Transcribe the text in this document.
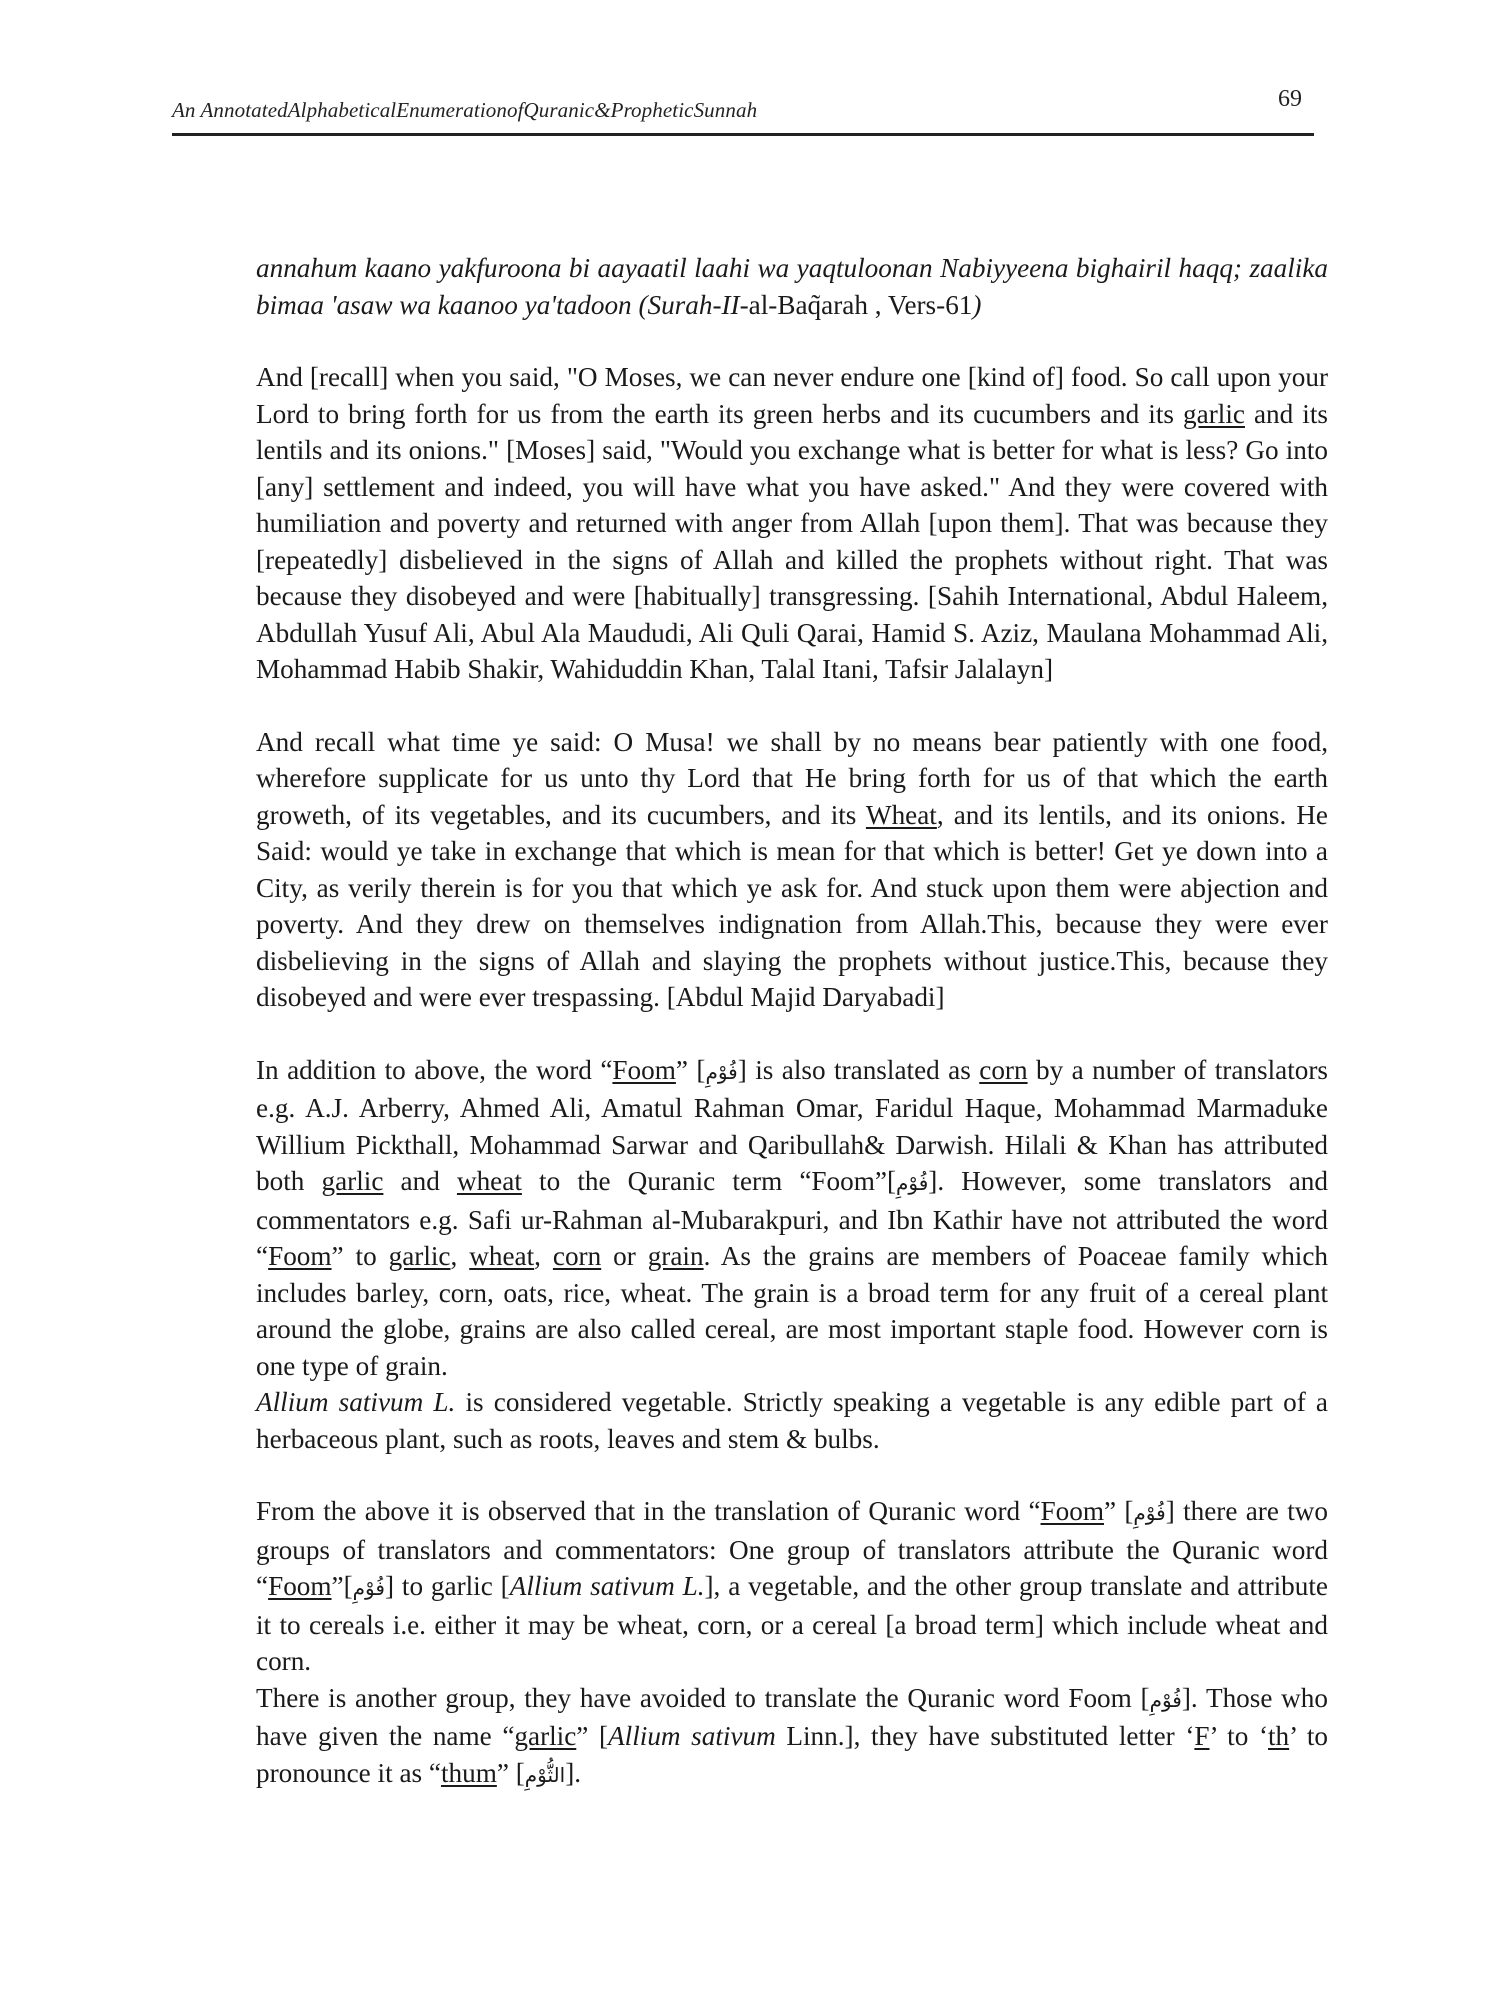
An AnnotatedAlphabeticalEnumerationofQuranic&PropheticSunnah	69

annahum kaano yakfuroona bi aayaatil laahi wa yaqtuloonan Nabiyyeena bighairil haqq; zaalika bimaa 'asaw wa kaanoo ya'tadoon (Surah-II-al-Baq̃arah , Vers-61)

And [recall] when you said, "O Moses, we can never endure one [kind of] food. So call upon your Lord to bring forth for us from the earth its green herbs and its cucumbers and its garlic and its lentils and its onions." [Moses] said, "Would you exchange what is better for what is less? Go into [any] settlement and indeed, you will have what you have asked." And they were covered with humiliation and poverty and returned with anger from Allah [upon them]. That was because they [repeatedly] disbelieved in the signs of Allah and killed the prophets without right. That was because they disobeyed and were [habitually] transgressing. [Sahih International, Abdul Haleem, Abdullah Yusuf Ali, Abul Ala Maududi, Ali Quli Qarai, Hamid S. Aziz, Maulana Mohammad Ali, Mohammad Habib Shakir, Wahiduddin Khan, Talal Itani, Tafsir Jalalayn]

And recall what time ye said: O Musa! we shall by no means bear patiently with one food, wherefore supplicate for us unto thy Lord that He bring forth for us of that which the earth groweth, of its vegetables, and its cucumbers, and its Wheat, and its lentils, and its onions. He Said: would ye take in exchange that which is mean for that which is better! Get ye down into a City, as verily therein is for you that which ye ask for. And stuck upon them were abjection and poverty. And they drew on themselves indignation from Allah.This, because they were ever disbelieving in the signs of Allah and slaying the prophets without justice.This, because they disobeyed and were ever trespassing. [Abdul Majid Daryabadi]

In addition to above, the word “Foom” [فُوْمِ] is also translated as corn by a number of translators e.g. A.J. Arberry, Ahmed Ali, Amatul Rahman Omar, Faridul Haque, Mohammad Marmaduke Willium Pickthall, Mohammad Sarwar and Qaribullah& Darwish. Hilali & Khan has attributed both garlic and wheat to the Quranic term “Foom”[فُوْمِ]. However, some translators and commentators e.g. Safi ur-Rahman al-Mubarakpuri, and Ibn Kathir have not attributed the word “Foom” to garlic, wheat, corn or grain. As the grains are members of Poaceae family which includes barley, corn, oats, rice, wheat. The grain is a broad term for any fruit of a cereal plant around the globe, grains are also called cereal, are most important staple food. However corn is one type of grain.

Allium sativum L. is considered vegetable. Strictly speaking a vegetable is any edible part of a herbaceous plant, such as roots, leaves and stem & bulbs.

From the above it is observed that in the translation of Quranic word “Foom” [فُوْمِ] there are two groups of translators and commentators: One group of translators attribute the Quranic word “Foom”[فُوْمِ] to garlic [Allium sativum L.], a vegetable, and the other group translate and attribute it to cereals i.e. either it may be wheat, corn, or a cereal [a broad term] which include wheat and corn.

There is another group, they have avoided to translate the Quranic word Foom [فُوْمِ]. Those who have given the name “garlic” [Allium sativum Linn.], they have substituted letter ‘F’ to ‘th’ to pronounce it as “thum” [الثُّوْمِ].
